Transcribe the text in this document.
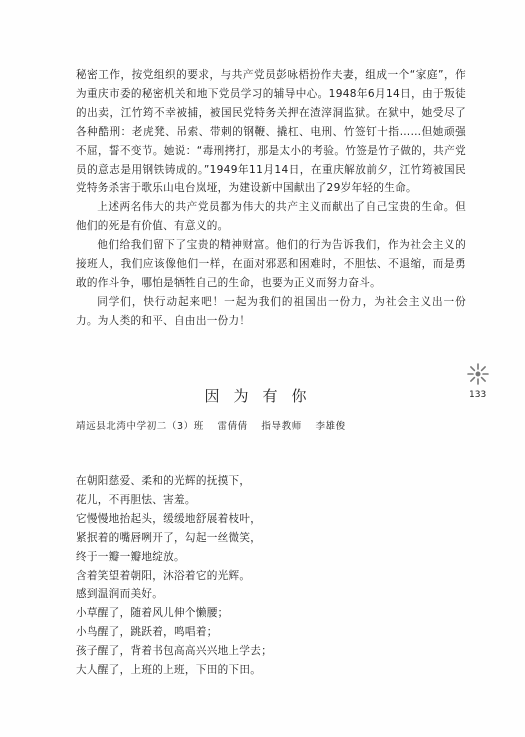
秘密工作，按党组织的要求，与共产党员彭咏梧扮作夫妻，组成一个“家庭”，作为重庆市委的秘密机关和地下党员学习的辅导中心。1948年6月14日，由于叛徒的出卖，江竹筠不幸被捕，被国民党特务关押在渣滓洞监狱。在狱中，她受尽了各种酷刑：老虎凳、吊索、带刺的钢鞭、撬杠、电刑、竹签钉十指……但她顽强不屈，誓不变节。她说：“毒刑拷打，那是太小的考验。竹签是竹子做的，共产党员的意志是用钢铁铸成的。”1949年11月14日，在重庆解放前夕，江竹筠被国民党特务杀害于歌乐山电台岚垭，为建设新中国献出了29岁年轻的生命。

上述两名伟大的共产党员都为伟大的共产主义而献出了自己宝贵的生命。但他们的死是有价值、有意义的。

他们给我们留下了宝贵的精神财富。他们的行为告诉我们，作为社会主义的接班人，我们应该像他们一样，在面对邪恶和困难时，不胆怯、不退缩，而是勇敢的作斗争，哪怕是牺牲自己的生命，也要为正义而努力奋斗。

同学们，快行动起来吧！一起为我们的祖国出一份力，为社会主义出一份力。为人类的和平、自由出一份力！

133
因为有你
靖远县北湾中学初二（3）班 雷倩倩 指导教师 李雄俊
在朝阳慈爱、柔和的光辉的抚摸下，
花儿，不再胆怯、害羞。
它慢慢地抬起头，缓缓地舒展着枝叶，
紧抿着的嘴唇咧开了，勾起一丝微笑，
终于一瓣一瓣地绽放。
含着笑望着朝阳，沐浴着它的光辉。
感到温润而美好。
小草醒了，随着风儿伸个懒腰；
小鸟醒了，跳跃着，鸣唱着；
孩子醒了，背着书包高高兴兴地上学去；
大人醒了，上班的上班，下田的下田。
